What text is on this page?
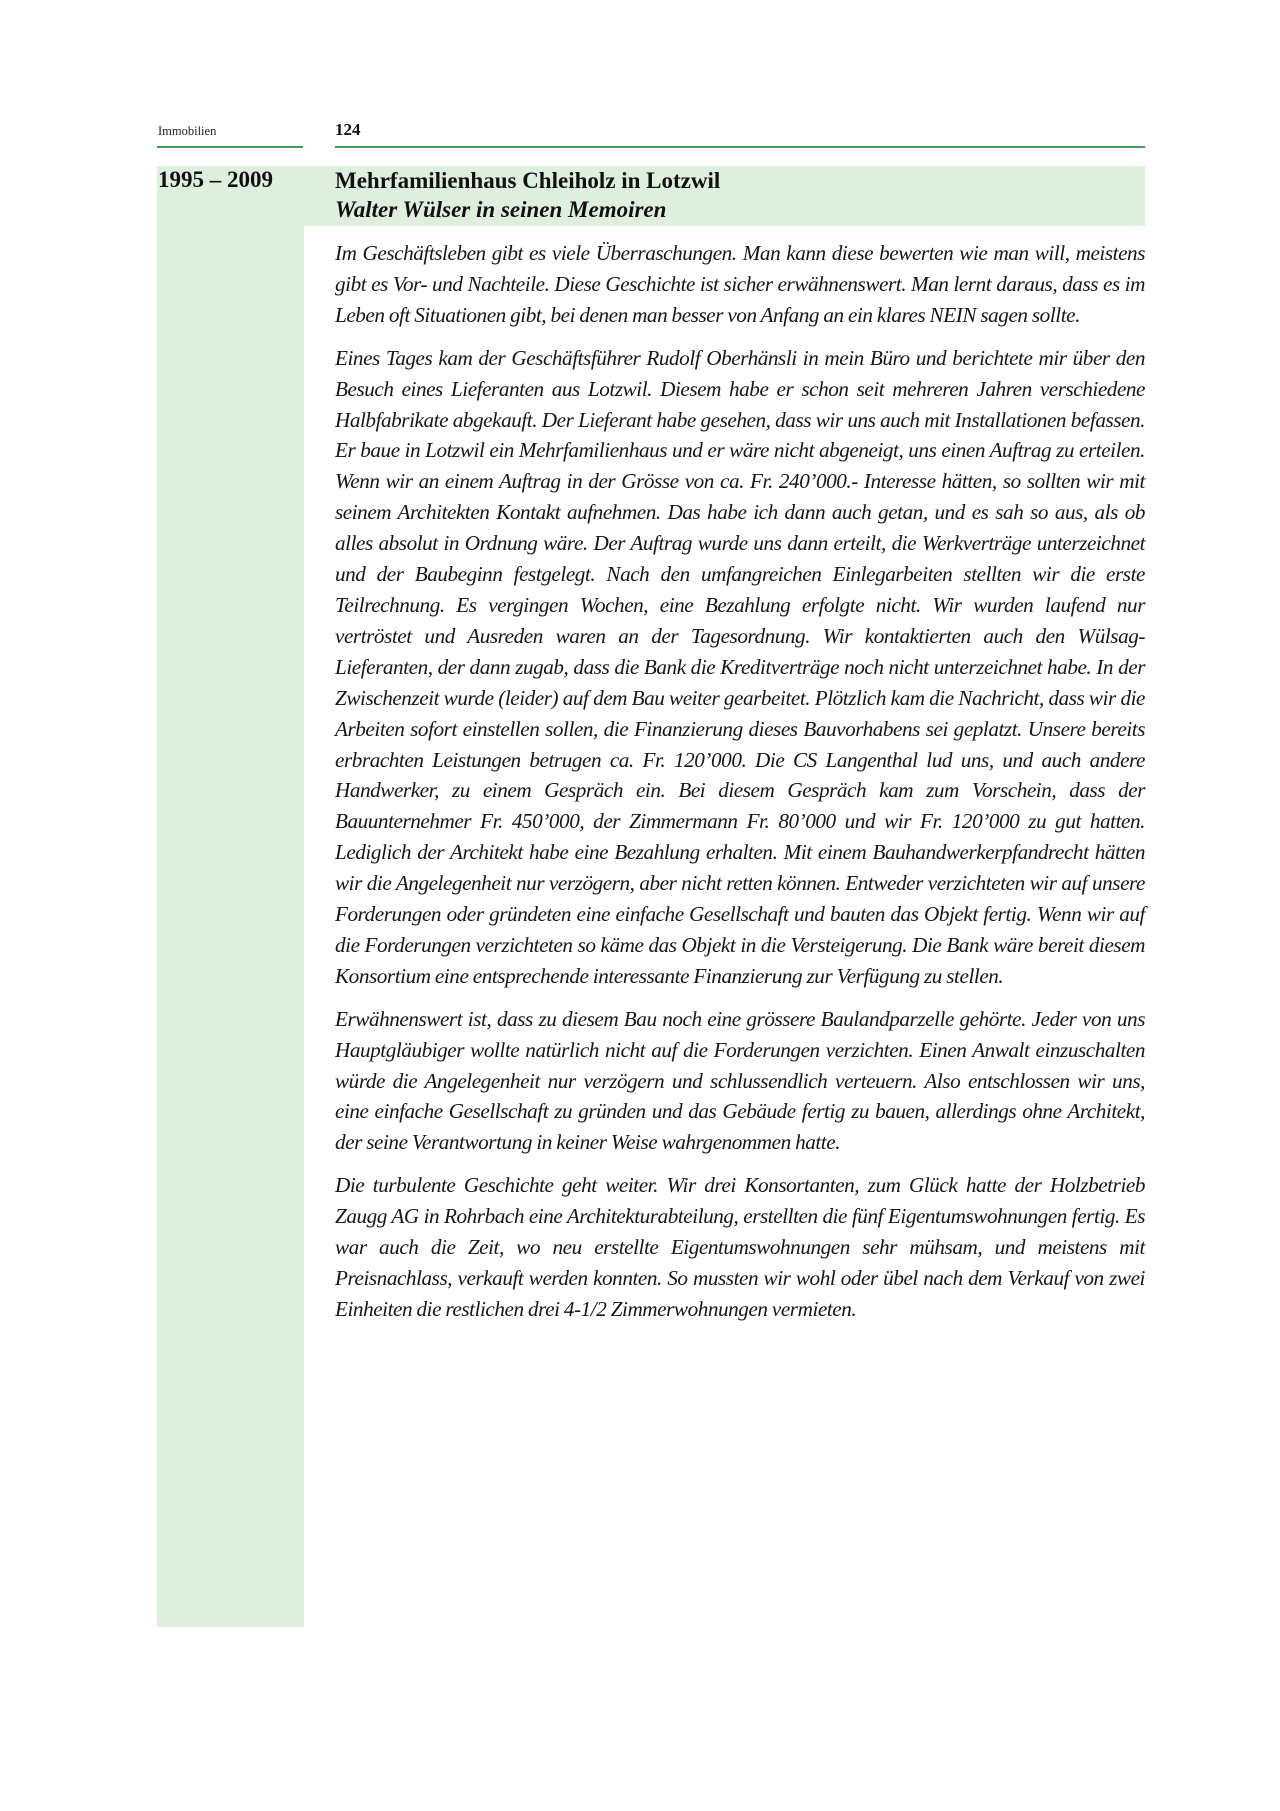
Immobilien	124
1995 – 2009	Mehrfamilienhaus Chleiholz in Lotzwil
Walter Wülser in seinen Memoiren

Im Geschäftsleben gibt es viele Überraschungen. Man kann diese bewerten wie man will, meistens gibt es Vor- und Nachteile. Diese Geschichte ist sicher erwähnenswert. Man lernt daraus, dass es im Leben oft Situationen gibt, bei denen man besser von Anfang an ein klares NEIN sagen sollte.

Eines Tages kam der Geschäftsführer Rudolf Oberhänsli in mein Büro und berichtete mir über den Besuch eines Lieferanten aus Lotzwil. Diesem habe er schon seit mehreren Jahren verschiedene Halbfabrikate abgekauft. Der Lieferant habe gesehen, dass wir uns auch mit Installationen befassen. Er baue in Lotzwil ein Mehrfamilienhaus und er wäre nicht abgeneigt, uns einen Auftrag zu erteilen. Wenn wir an einem Auftrag in der Grösse von ca. Fr. 240’000.- Interesse hätten, so sollten wir mit seinem Architekten Kontakt aufnehmen. Das habe ich dann auch getan, und es sah so aus, als ob alles absolut in Ordnung wäre. Der Auftrag wurde uns dann erteilt, die Werkverträge unterzeichnet und der Baubeginn festgelegt. Nach den umfangreichen Einlegarbeiten stellten wir die erste Teilrechnung. Es vergingen Wochen, eine Bezahlung erfolgte nicht. Wir wurden laufend nur vertröstet und Ausreden waren an der Tagesordnung. Wir kontaktierten auch den Wülsag-Lieferanten, der dann zugab, dass die Bank die Kreditverträge noch nicht unterzeichnet habe. In der Zwischenzeit wurde (leider) auf dem Bau weiter gearbeitet. Plötzlich kam die Nachricht, dass wir die Arbeiten sofort einstellen sollen, die Finanzierung dieses Bauvorhabens sei geplatzt. Unsere bereits erbrachten Leistungen betrugen ca. Fr. 120’000. Die CS Langenthal lud uns, und auch andere Handwerker, zu einem Gespräch ein. Bei diesem Gespräch kam zum Vorschein, dass der Bauunternehmer Fr. 450’000, der Zimmermann Fr. 80’000 und wir Fr. 120’000 zu gut hatten. Lediglich der Architekt habe eine Bezahlung erhalten. Mit einem Bauhandwerkerpfandrecht hätten wir die Angelegenheit nur verzögern, aber nicht retten können. Entweder verzichteten wir auf unsere Forderungen oder gründeten eine einfache Gesellschaft und bauten das Objekt fertig. Wenn wir auf die Forderungen verzichteten so käme das Objekt in die Versteigerung. Die Bank wäre bereit diesem Konsortium eine entsprechende interessante Finanzierung zur Verfügung zu stellen.

Erwähnenswert ist, dass zu diesem Bau noch eine grössere Baulandparzelle gehörte. Jeder von uns Hauptgläubiger wollte natürlich nicht auf die Forderungen verzichten. Einen Anwalt einzuschalten würde die Angelegenheit nur verzögern und schlussendlich verteuern. Also entschlossen wir uns, eine einfache Gesellschaft zu gründen und das Gebäude fertig zu bauen, allerdings ohne Architekt, der seine Verantwortung in keiner Weise wahrgenommen hatte.

Die turbulente Geschichte geht weiter. Wir drei Konsortanten, zum Glück hatte der Holzbetrieb Zaugg AG in Rohrbach eine Architekturabteilung, erstellten die fünf Eigentumswohnungen fertig. Es war auch die Zeit, wo neu erstellte Eigentumswohnungen sehr mühsam, und meistens mit Preisnachlass, verkauft werden konnten. So mussten wir wohl oder übel nach dem Verkauf von zwei Einheiten die restlichen drei 4-1/2 Zimmerwohnungen vermieten.
